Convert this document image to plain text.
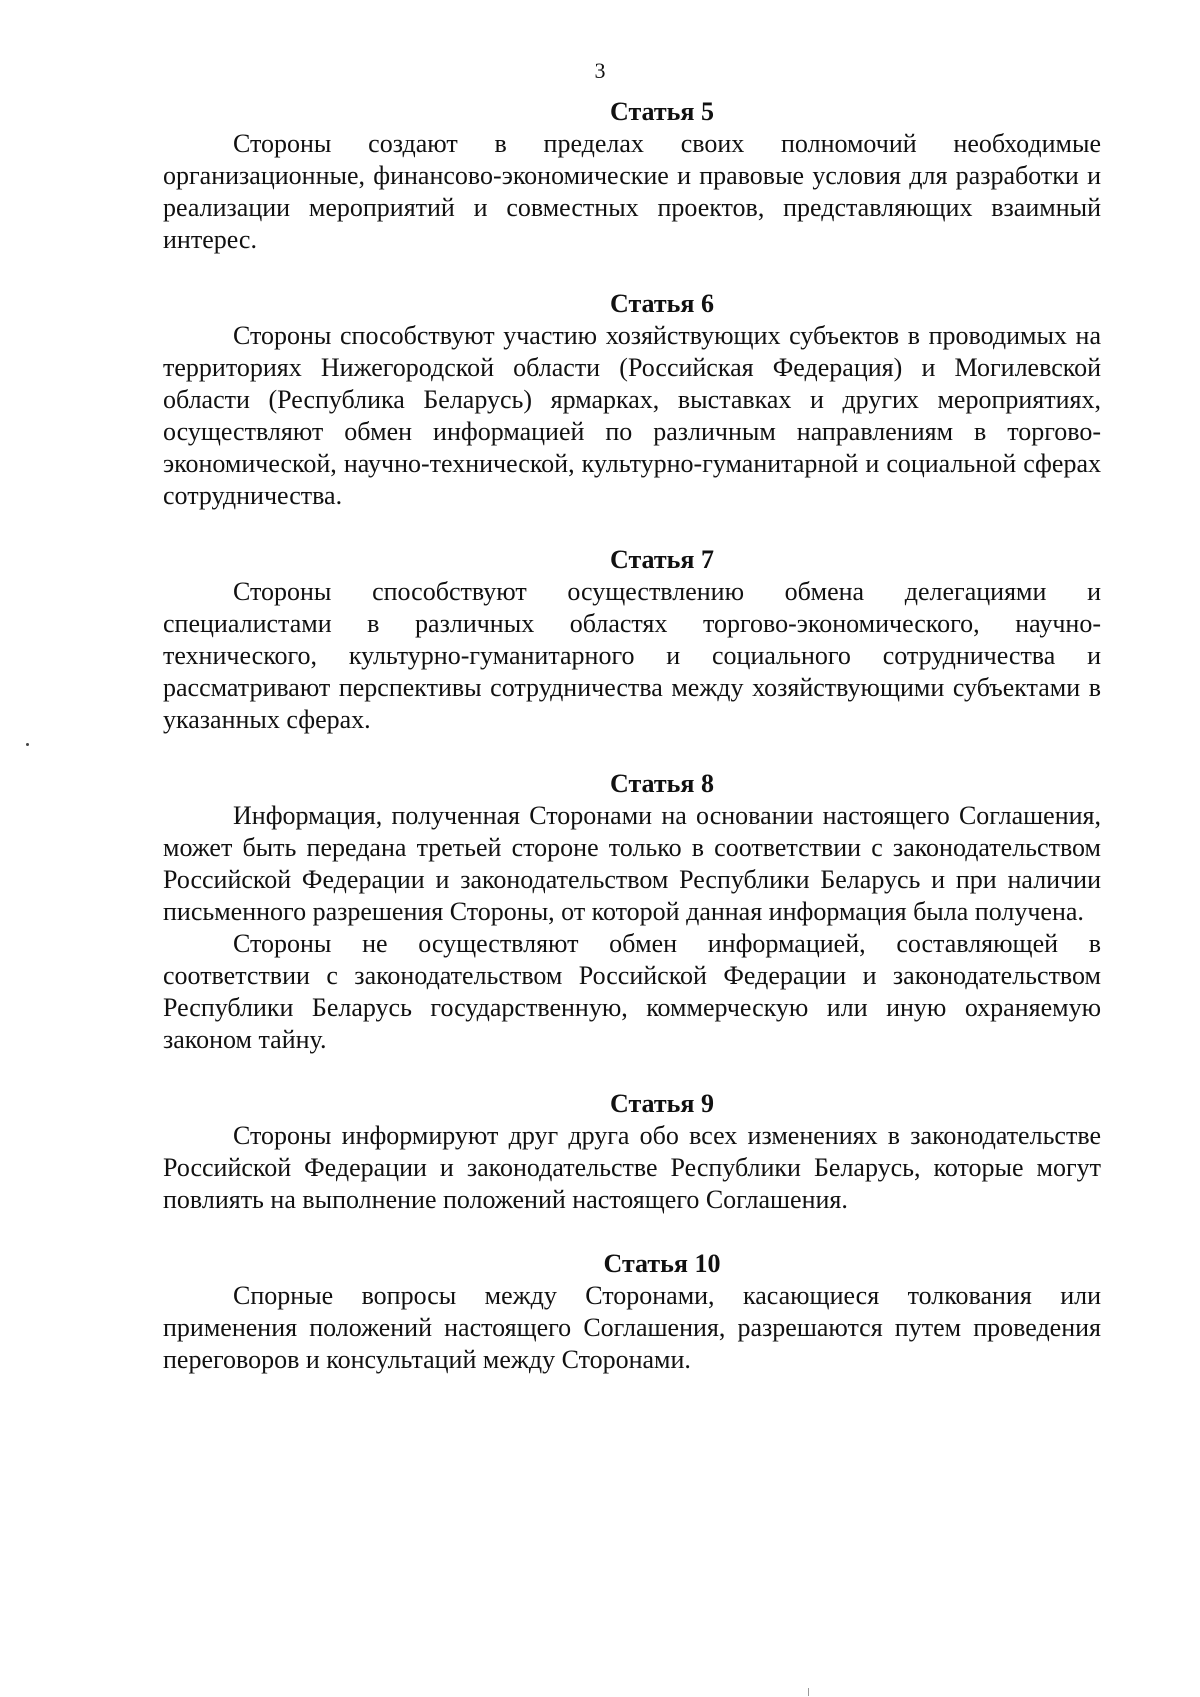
3
Статья 5

Стороны создают в пределах своих полномочий необходимые организационные, финансово-экономические и правовые условия для разработки и реализации мероприятий и совместных проектов, представляющих взаимный интерес.

Статья 6

Стороны способствуют участию хозяйствующих субъектов в проводимых на территориях Нижегородской области (Российская Федерация) и Могилевской области (Республика Беларусь) ярмарках, выставках и других мероприятиях, осуществляют обмен информацией по различным направлениям в торгово-экономической, научно-технической, культурно-гуманитарной и социальной сферах сотрудничества.

Статья 7

Стороны способствуют осуществлению обмена делегациями и специалистами в различных областях торгово-экономического, научно-технического, культурно-гуманитарного и социального сотрудничества и рассматривают перспективы сотрудничества между хозяйствующими субъектами в указанных сферах.

Статья 8

Информация, полученная Сторонами на основании настоящего Соглашения, может быть передана третьей стороне только в соответствии с законодательством Российской Федерации и законодательством Республики Беларусь и при наличии письменного разрешения Стороны, от которой данная информация была получена.

Стороны не осуществляют обмен информацией, составляющей в соответствии с законодательством Российской Федерации и законодательством Республики Беларусь государственную, коммерческую или иную охраняемую законом тайну.

Статья 9

Стороны информируют друг друга обо всех изменениях в законодательстве Российской Федерации и законодательстве Республики Беларусь, которые могут повлиять на выполнение положений настоящего Соглашения.

Статья 10

Спорные вопросы между Сторонами, касающиеся толкования или применения положений настоящего Соглашения, разрешаются путем проведения переговоров и консультаций между Сторонами.
